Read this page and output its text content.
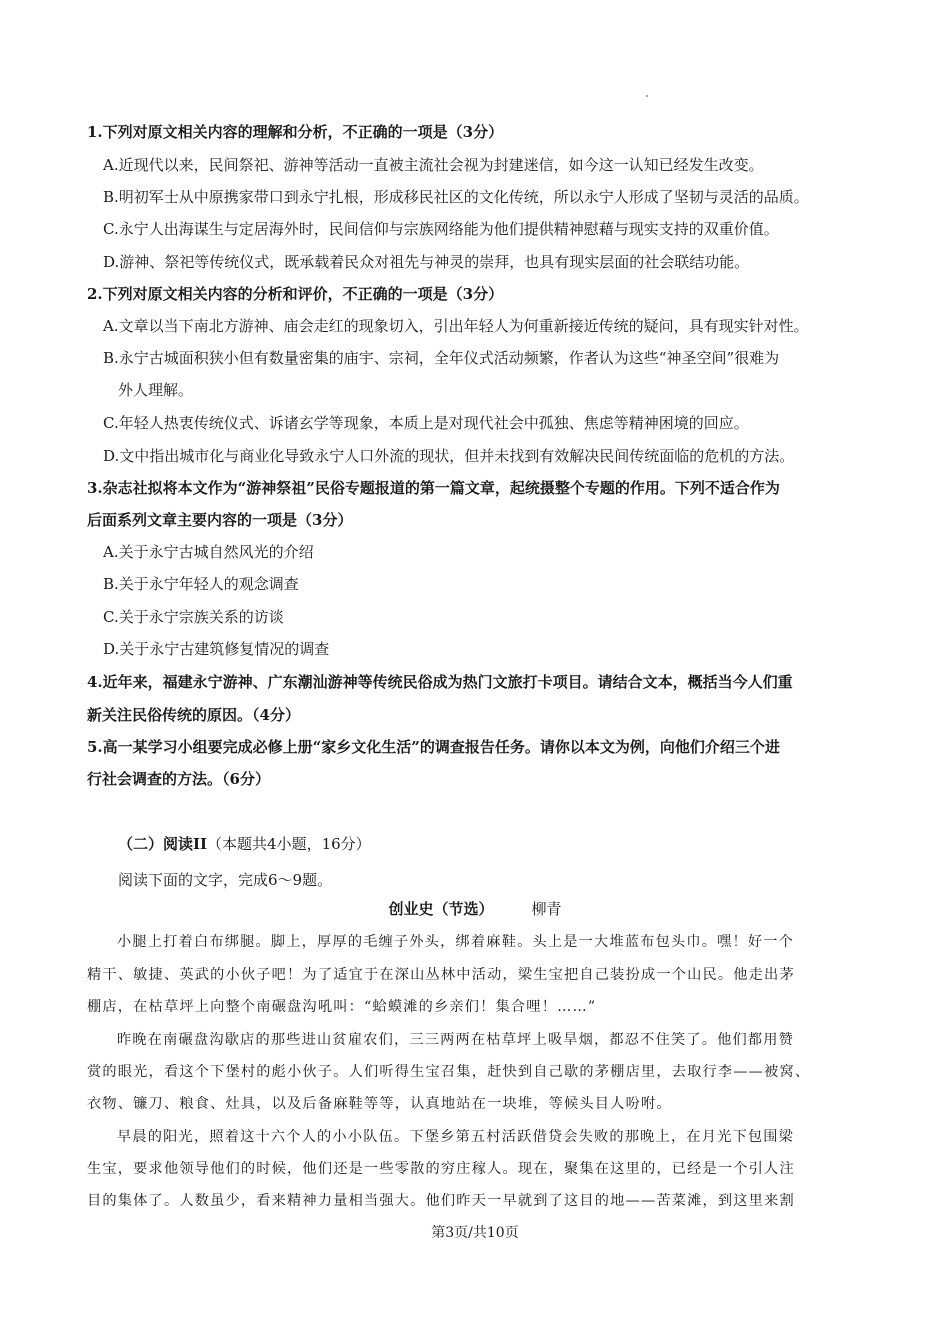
1.下列对原文相关内容的理解和分析，不正确的一项是（3分）
A.近现代以来，民间祭祀、游神等活动一直被主流社会视为封建迷信，如今这一认知已经发生改变。
B.明初军士从中原携家带口到永宁扎根，形成移民社区的文化传统，所以永宁人形成了坚韧与灵活的品质。
C.永宁人出海谋生与定居海外时，民间信仰与宗族网络能为他们提供精神慰藉与现实支持的双重价值。
D.游神、祭祀等传统仪式，既承载着民众对祖先与神灵的崇拜，也具有现实层面的社会联结功能。
2.下列对原文相关内容的分析和评价，不正确的一项是（3分）
A.文章以当下南北方游神、庙会走红的现象切入，引出年轻人为何重新接近传统的疑问，具有现实针对性。
B.永宁古城面积狭小但有数量密集的庙宇、宗祠，全年仪式活动频繁，作者认为这些“神圣空间”很难为
外人理解。
C.年轻人热衷传统仪式、诉诸玄学等现象，本质上是对现代社会中孤独、焦虑等精神困境的回应。
D.文中指出城市化与商业化导致永宁人口外流的现状，但并未找到有效解决民间传统面临的危机的方法。
3.杂志社拟将本文作为“游神祭祖”民俗专题报道的第一篇文章，起统摄整个专题的作用。下列不适合作为
后面系列文章主要内容的一项是（3分）
A.关于永宁古城自然风光的介绍
B.关于永宁年轻人的观念调查
C.关于永宁宗族关系的访谈
D.关于永宁古建筑修复情况的调查
4.近年来，福建永宁游神、广东潮汕游神等传统民俗成为热门文旅打卡项目。请结合文本，概括当今人们重
新关注民俗传统的原因。（4分）
5.高一某学习小组要完成必修上册“家乡文化生活”的调查报告任务。请你以本文为例，向他们介绍三个进
行社会调查的方法。（6分）
（二）阅读II（本题共4小题，16分）
阅读下面的文字，完成6～9题。
创业史（节选）	柳青
小腿上打着白布绑腿。脚上，厚厚的毛缠子外头，绑着麻鞋。头上是一大堆蓝布包头巾。嘿！好一个
精干、敏捷、英武的小伙子吧！为了适宜于在深山丛林中活动，梁生宝把自己装扮成一个山民。他走出茅
棚店，在枯草坪上向整个南碾盘沟吼叫：“蛤蟆滩的乡亲们！集合哩！……”
昨晚在南碾盘沟歇店的那些进山贫雇农们，三三两两在枯草坪上吸旱烟，都忍不住笑了。他们都用赞
赏的眼光，看这个下堡村的彪小伙子。人们听得生宝召集，赶快到自己歇的茅棚店里，去取行李——被窝、
衣物、镰刀、粮食、灶具，以及后备麻鞋等等，认真地站在一块堆，等候头目人吩咐。
早晨的阳光，照着这十六个人的小小队伍。下堡乡第五村活跃借贷会失败的那晚上，在月光下包围梁
生宝，要求他领导他们的时候，他们还是一些零散的穷庄稼人。现在，聚集在这里的，已经是一个引人注
目的集体了。人数虽少，看来精神力量相当强大。他们昨天一早就到了这目的地——苦菜滩，到这里来割
第3页/共10页
